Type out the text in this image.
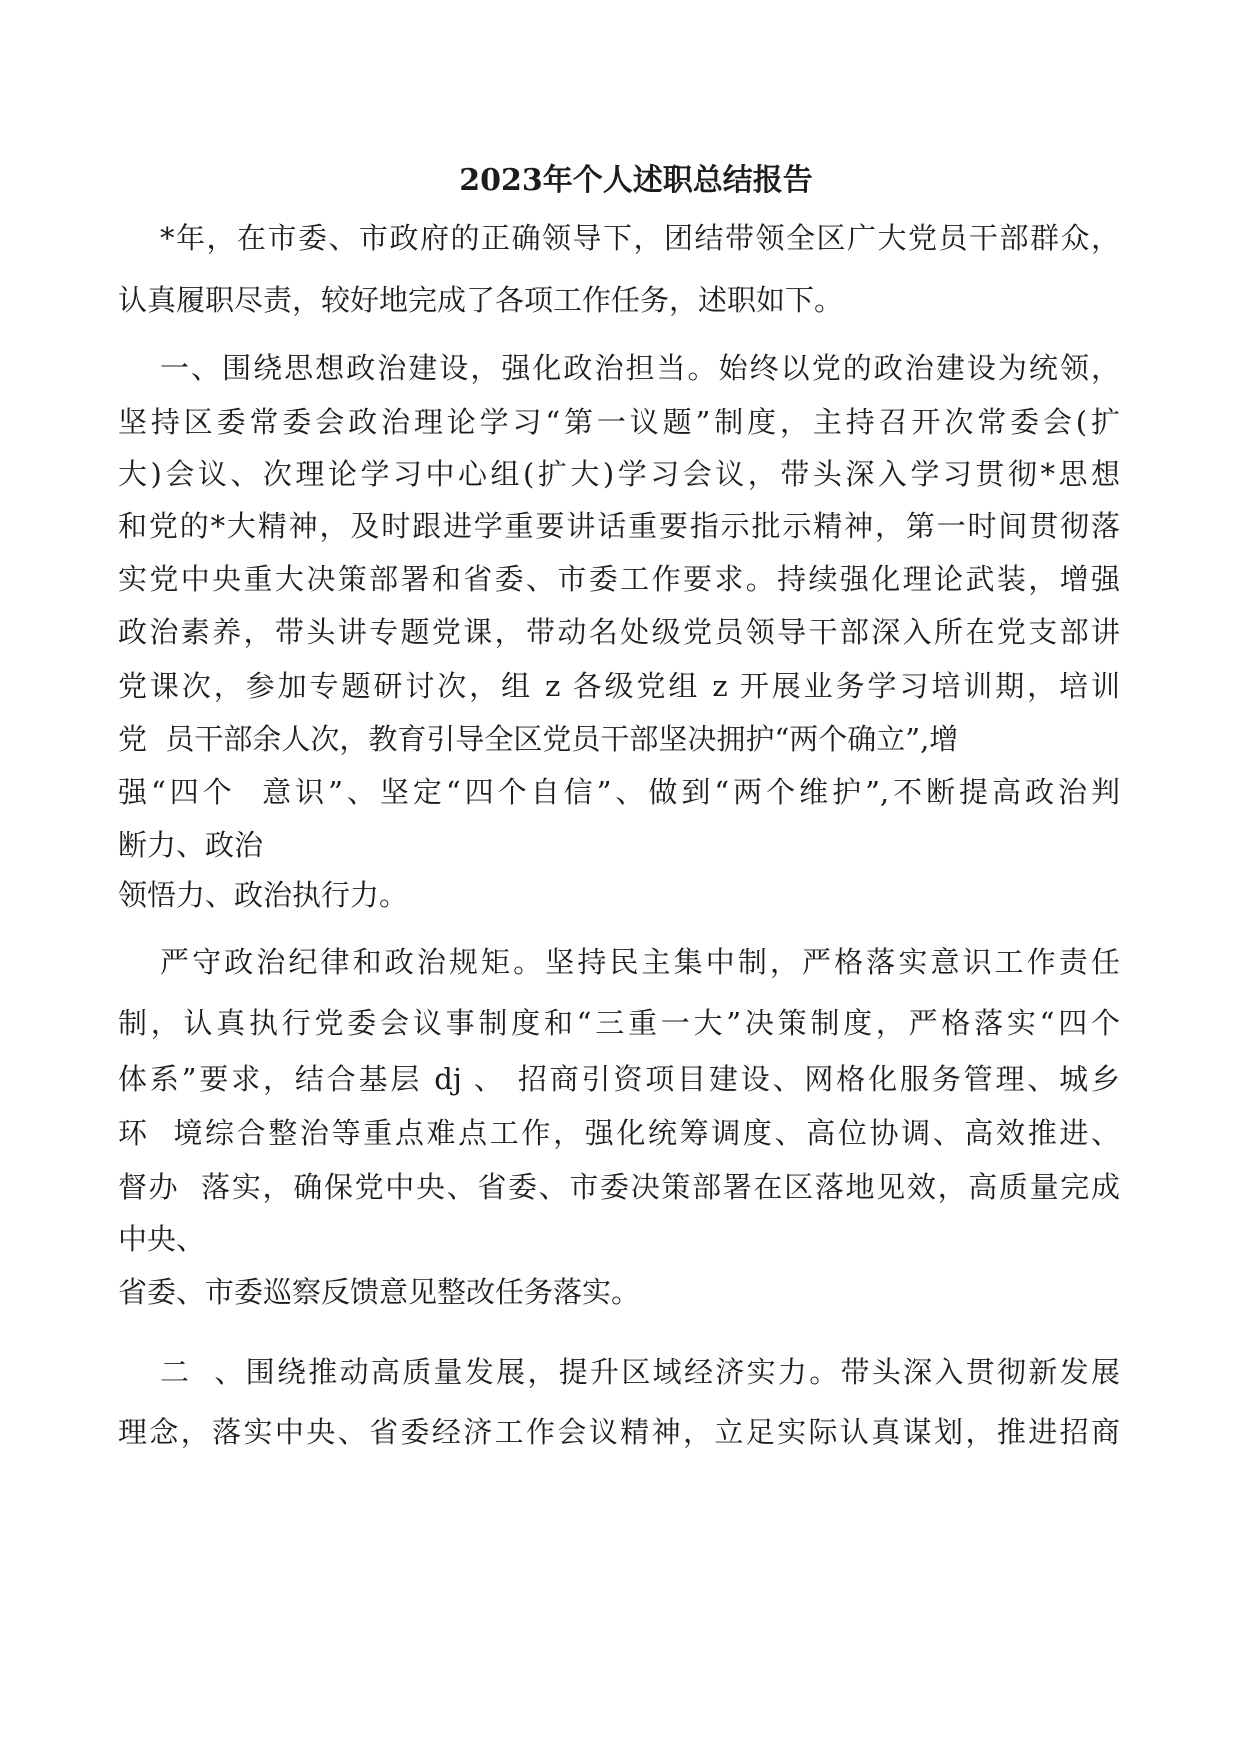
2023年个人述职总结报告
*年，在市委、市政府的正确领导下，团结带领全区广大党员干部群众，
认真履职尽责，较好地完成了各项工作任务，述职如下。
一、围绕思想政治建设，强化政治担当。始终以党的政治建设为统领，
坚持区委常委会政治理论学习“第一议题”制度，主持召开次常委会(扩
大)会议、次理论学习中心组(扩大)学习会议，带头深入学习贯彻*思想
和党的*大精神，及时跟进学重要讲话重要指示批示精神，第一时间贯彻落
实党中央重大决策部署和省委、市委工作要求。持续强化理论武装，增强
政治素养，带头讲专题党课，带动名处级党员领导干部深入所在党支部讲
党课次，参加专题研讨次，组 z 各级党组 z 开展业务学习培训期，培训
党  员干部余人次，教育引导全区党员干部坚决拥护“两个确立”,增
强“四个  意识”、坚定“四个自信”、做到“两个维护”,不断提高政治判
断力、政治
领悟力、政治执行力。
严守政治纪律和政治规矩。坚持民主集中制，严格落实意识工作责任
制，认真执行党委会议事制度和“三重一大”决策制度，严格落实“四个
体系”要求，结合基层 dj 、 招商引资项目建设、网格化服务管理、城乡
环  境综合整治等重点难点工作，强化统筹调度、高位协调、高效推进、
督办  落实，确保党中央、省委、市委决策部署在区落地见效，高质量完成
中央、
省委、市委巡察反馈意见整改任务落实。
二  、围绕推动高质量发展，提升区域经济实力。带头深入贯彻新发展
理念，落实中央、省委经济工作会议精神，立足实际认真谋划，推进招商
